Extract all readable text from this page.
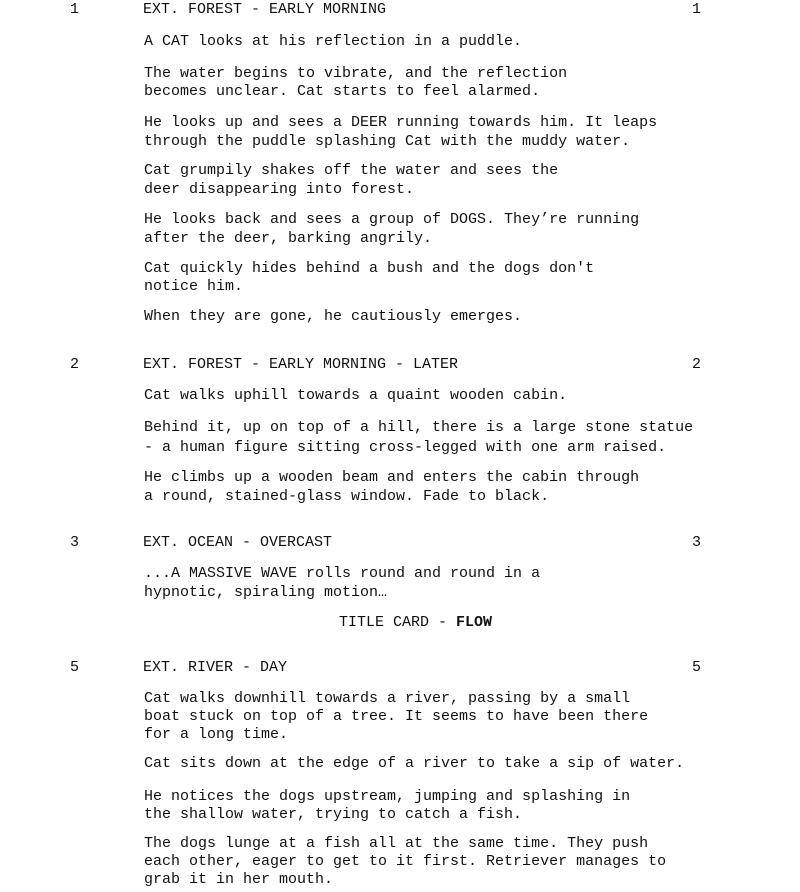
1	EXT. FOREST - EARLY MORNING	1
A CAT looks at his reflection in a puddle.
The water begins to vibrate, and the reflection
becomes unclear. Cat starts to feel alarmed.
He looks up and sees a DEER running towards him. It leaps
through the puddle splashing Cat with the muddy water.
Cat grumpily shakes off the water and sees the
deer disappearing into forest.
He looks back and sees a group of DOGS. They’re running
after the deer, barking angrily.
Cat quickly hides behind a bush and the dogs don't
notice him.
When they are gone, he cautiously emerges.
2	EXT. FOREST - EARLY MORNING - LATER	2
Cat walks uphill towards a quaint wooden cabin.
Behind it, up on top of a hill, there is a large stone statue
- a human figure sitting cross-legged with one arm raised.
He climbs up a wooden beam and enters the cabin through
a round, stained-glass window. Fade to black.
3	EXT. OCEAN - OVERCAST	3
...A MASSIVE WAVE rolls round and round in a
hypnotic, spiraling motion…
TITLE CARD - FLOW
5	EXT. RIVER - DAY	5
Cat walks downhill towards a river, passing by a small
boat stuck on top of a tree. It seems to have been there
for a long time.
Cat sits down at the edge of a river to take a sip of water.
He notices the dogs upstream, jumping and splashing in
the shallow water, trying to catch a fish.
The dogs lunge at a fish all at the same time. They push
each other, eager to get to it first. Retriever manages to
grab it in her mouth.
